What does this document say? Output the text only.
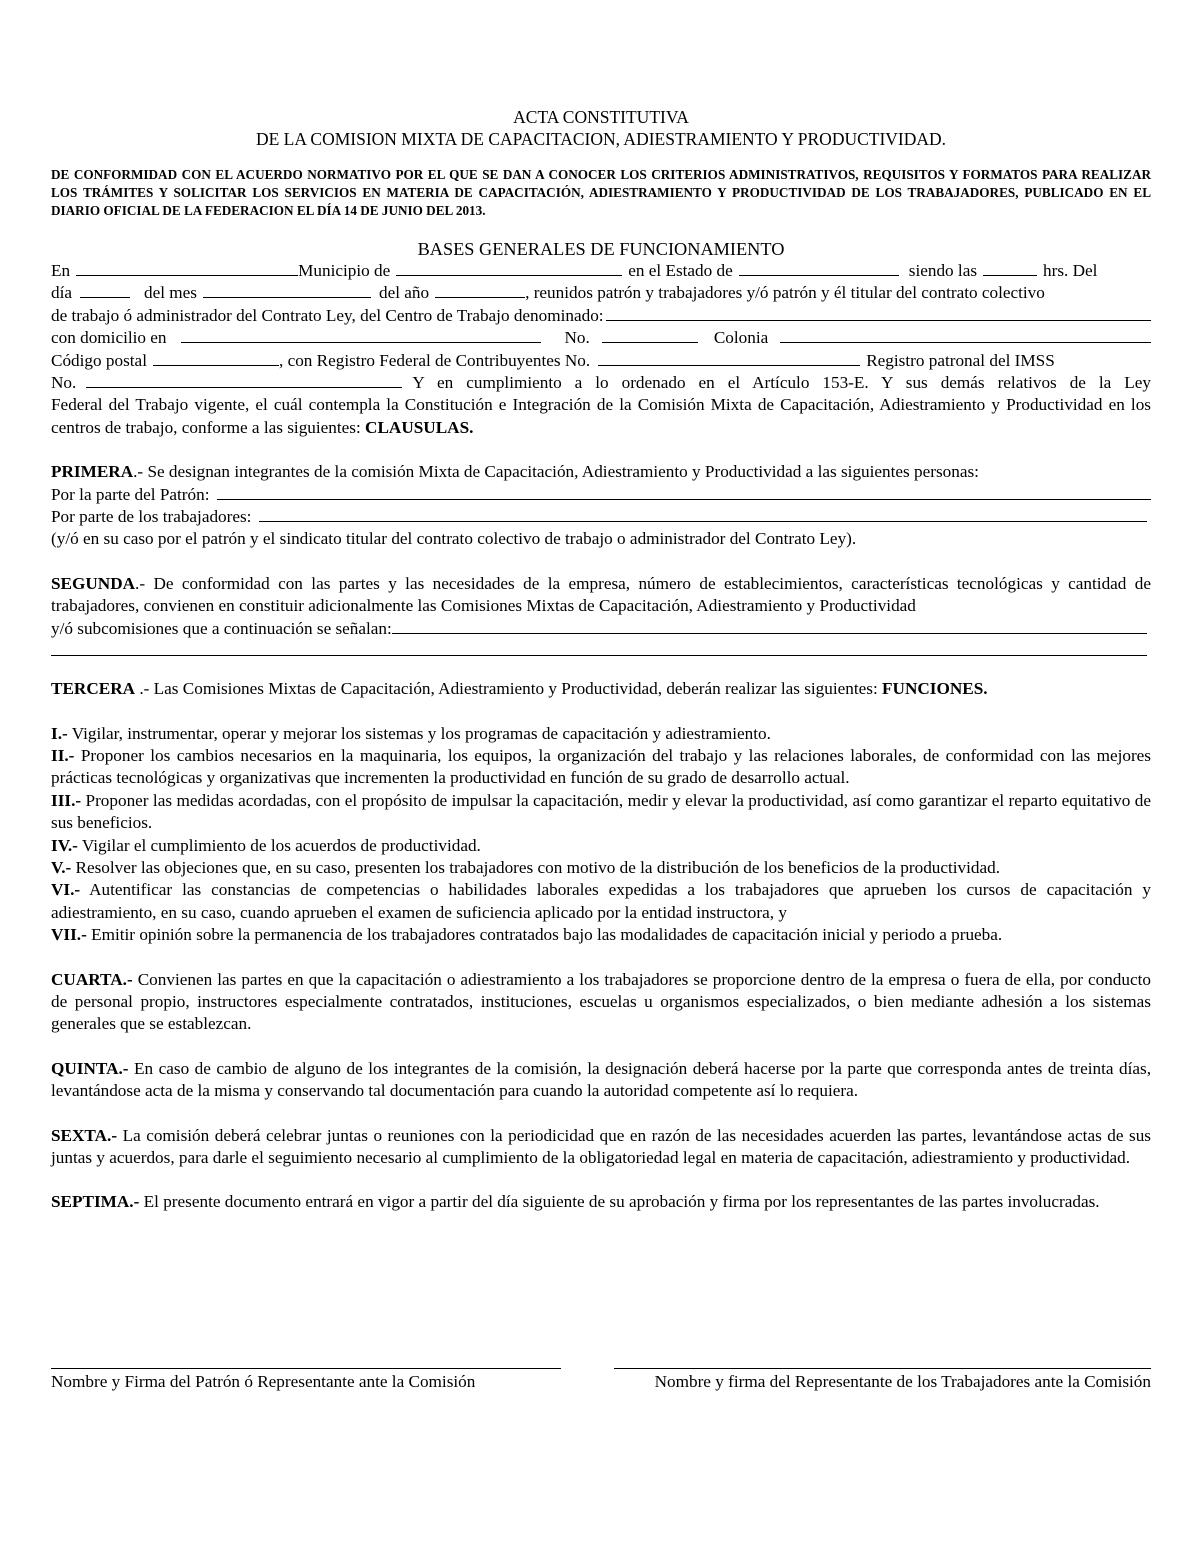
ACTA CONSTITUTIVA
DE LA COMISION MIXTA DE CAPACITACION, ADIESTRAMIENTO Y PRODUCTIVIDAD.
DE CONFORMIDAD CON EL ACUERDO NORMATIVO POR EL QUE SE DAN A CONOCER LOS CRITERIOS ADMINISTRATIVOS, REQUISITOS Y FORMATOS PARA REALIZAR LOS TRÁMITES Y SOLICITAR LOS SERVICIOS EN MATERIA DE CAPACITACIÓN, ADIESTRAMIENTO Y PRODUCTIVIDAD DE LOS TRABAJADORES, PUBLICADO EN EL DIARIO OFICIAL DE LA FEDERACION EL DÍA 14 DE JUNIO DEL 2013.
BASES GENERALES DE FUNCIONAMIENTO
En	Municipio de	en el Estado de	siendo las	hrs. Del
día	del mes	del año	, reunidos patrón y trabajadores y/ó patrón y él titular del contrato colectivo
de trabajo ó administrador del Contrato Ley, del Centro de Trabajo denominado:
con domicilio en	No.	Colonia
Código postal	, con Registro Federal de Contribuyentes No.	Registro patronal del IMSS
No.	Y en cumplimiento a lo ordenado en el Artículo 153-E. Y sus demás relativos de la Ley
Federal del Trabajo vigente, el cuál contempla la Constitución e Integración de la Comisión Mixta de Capacitación, Adiestramiento y Productividad en los centros de trabajo, conforme a las siguientes: CLAUSULAS.
PRIMERA.- Se designan integrantes de la comisión Mixta de Capacitación, Adiestramiento y Productividad a las siguientes personas:
Por la parte del Patrón:
Por parte de los trabajadores:
(y/ó en su caso por el patrón y el sindicato titular del contrato colectivo de trabajo o administrador del Contrato Ley).
SEGUNDA.- De conformidad con las partes y las necesidades de la empresa, número de establecimientos, características tecnológicas y cantidad de trabajadores, convienen en constituir adicionalmente las Comisiones Mixtas de Capacitación, Adiestramiento y Productividad
y/ó subcomisiones que a continuación se señalan:
TERCERA .- Las Comisiones Mixtas de Capacitación, Adiestramiento y Productividad, deberán realizar las siguientes: FUNCIONES.
I.- Vigilar, instrumentar, operar y mejorar los sistemas y los programas de capacitación y adiestramiento.
II.- Proponer los cambios necesarios en la maquinaria, los equipos, la organización del trabajo y las relaciones laborales, de conformidad con las mejores prácticas tecnológicas y organizativas que incrementen la productividad en función de su grado de desarrollo actual.
III.- Proponer las medidas acordadas, con el propósito de impulsar la capacitación, medir y elevar la productividad, así como garantizar el reparto equitativo de sus beneficios.
IV.- Vigilar el cumplimiento de los acuerdos de productividad.
V.- Resolver las objeciones que, en su caso, presenten los trabajadores con motivo de la distribución de los beneficios de la productividad.
VI.- Autentificar las constancias de competencias o habilidades laborales expedidas a los trabajadores que aprueben los cursos de capacitación y adiestramiento, en su caso, cuando aprueben el examen de suficiencia aplicado por la entidad instructora, y
VII.- Emitir opinión sobre la permanencia de los trabajadores contratados bajo las modalidades de capacitación inicial y periodo a prueba.
CUARTA.- Convienen las partes en que la capacitación o adiestramiento a los trabajadores se proporcione dentro de la empresa o fuera de ella, por conducto de personal propio, instructores especialmente contratados, instituciones, escuelas u organismos especializados, o bien mediante adhesión a los sistemas generales que se establezcan.
QUINTA.- En caso de cambio de alguno de los integrantes de la comisión, la designación deberá hacerse por la parte que corresponda antes de treinta días, levantándose acta de la misma y conservando tal documentación para cuando la autoridad competente así lo requiera.
SEXTA.- La comisión deberá celebrar juntas o reuniones con la periodicidad que en razón de las necesidades acuerden las partes, levantándose actas de sus juntas y acuerdos, para darle el seguimiento necesario al cumplimiento de la obligatoriedad legal en materia de capacitación, adiestramiento y productividad.
SEPTIMA.- El presente documento entrará en vigor a partir del día siguiente de su aprobación y firma por los representantes de las partes involucradas.
Nombre y Firma del Patrón ó Representante ante la Comisión	Nombre y firma del Representante de los Trabajadores ante la Comisión
